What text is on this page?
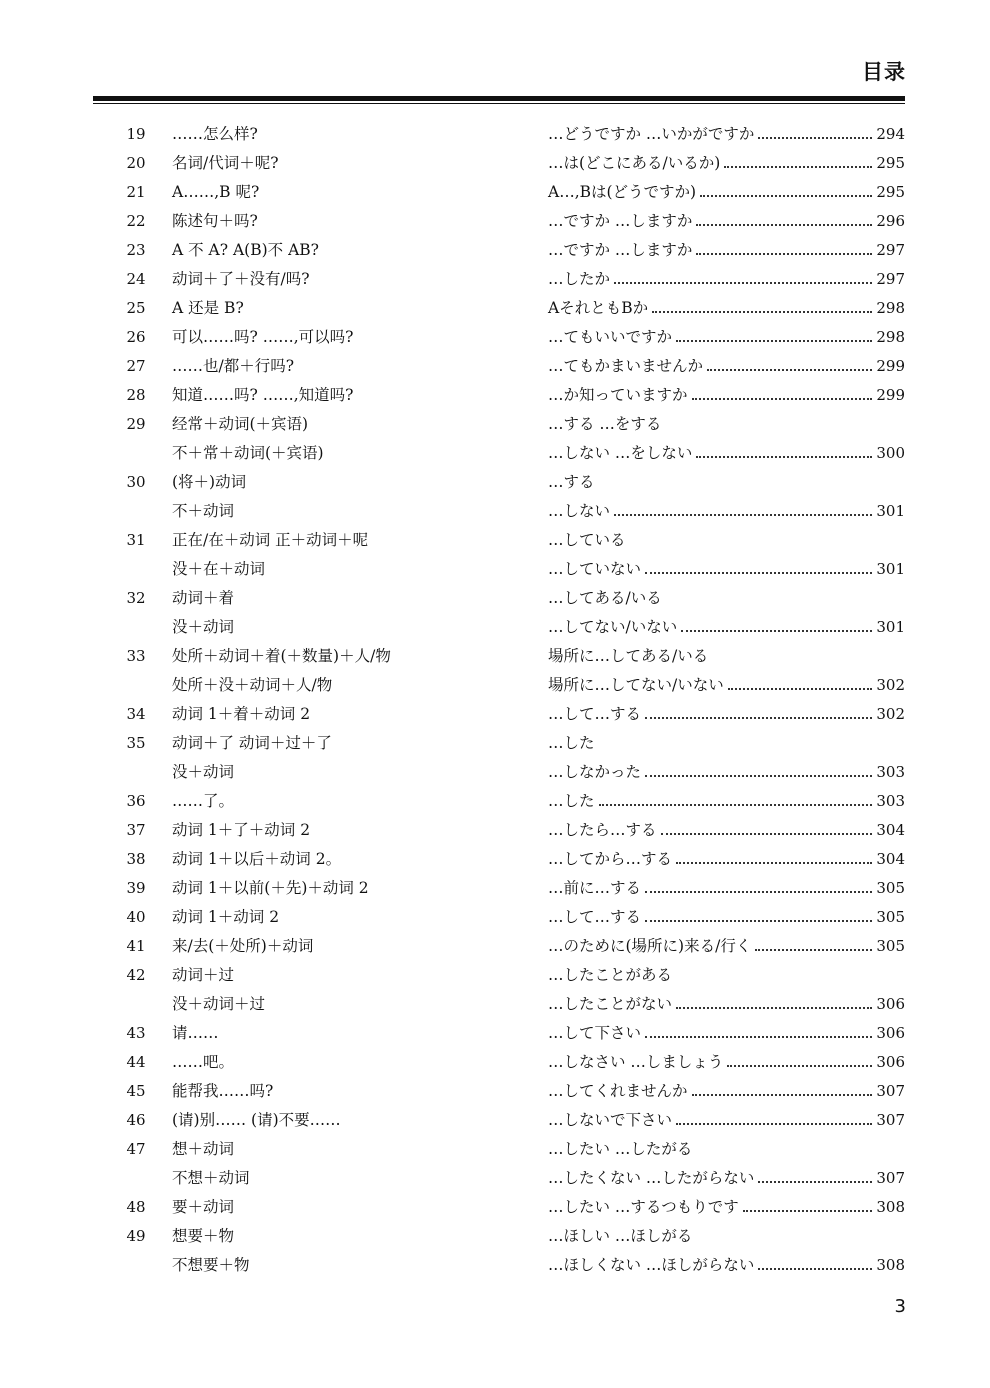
目录
19	……怎么样?	…どうですか …いかがですか	294
20	名词/代词＋呢?	…は(どこにある/いるか)	295
21	A……,B 呢?	A…,Bは(どうですか)	295
22	陈述句＋吗?	…ですか …しますか	296
23	A 不 A? A(B)不 AB?	…ですか …しますか	297
24	动词＋了＋没有/吗?	…したか	297
25	A 还是 B?	AそれともBか	298
26	可以……吗? ……,可以吗?	…てもいいですか	298
27	……也/都＋行吗?	…てもかまいませんか	299
28	知道……吗? ……,知道吗?	…か知っていますか	299
29	经常＋动词(＋宾语)	…する …をする
不＋常＋动词(＋宾语)	…しない …をしない	300
30	(将＋)动词	…する
不＋动词	…しない	301
31	正在/在＋动词 正＋动词＋呢	…している
没＋在＋动词	…していない	301
32	动词＋着	…してある/いる
没＋动词	…してない/いない	301
33	处所＋动词＋着(＋数量)＋人/物	場所に…してある/いる
处所＋没＋动词＋人/物	場所に…してない/いない	302
34	动词 1＋着＋动词 2	…して…する	302
35	动词＋了 动词＋过＋了	…した
没＋动词	…しなかった	303
36	……了。	…した	303
37	动词 1＋了＋动词 2	…したら…する	304
38	动词 1＋以后＋动词 2。	…してから…する	304
39	动词 1＋以前(＋先)＋动词 2	…前に…する	305
40	动词 1＋动词 2	…して…する	305
41	来/去(＋处所)＋动词	…のために(場所に)来る/行く	305
42	动词＋过	…したことがある
没＋动词＋过	…したことがない	306
43	请……	…して下さい	306
44	……吧。	…しなさい …しましょう	306
45	能帮我……吗?	…してくれませんか	307
46	(请)别…… (请)不要……	…しないで下さい	307
47	想＋动词	…したい …したがる
不想＋动词	…したくない …したがらない	307
48	要＋动词	…したい …するつもりです	308
49	想要＋物	…ほしい …ほしがる
不想要＋物	…ほしくない …ほしがらない	308
3
